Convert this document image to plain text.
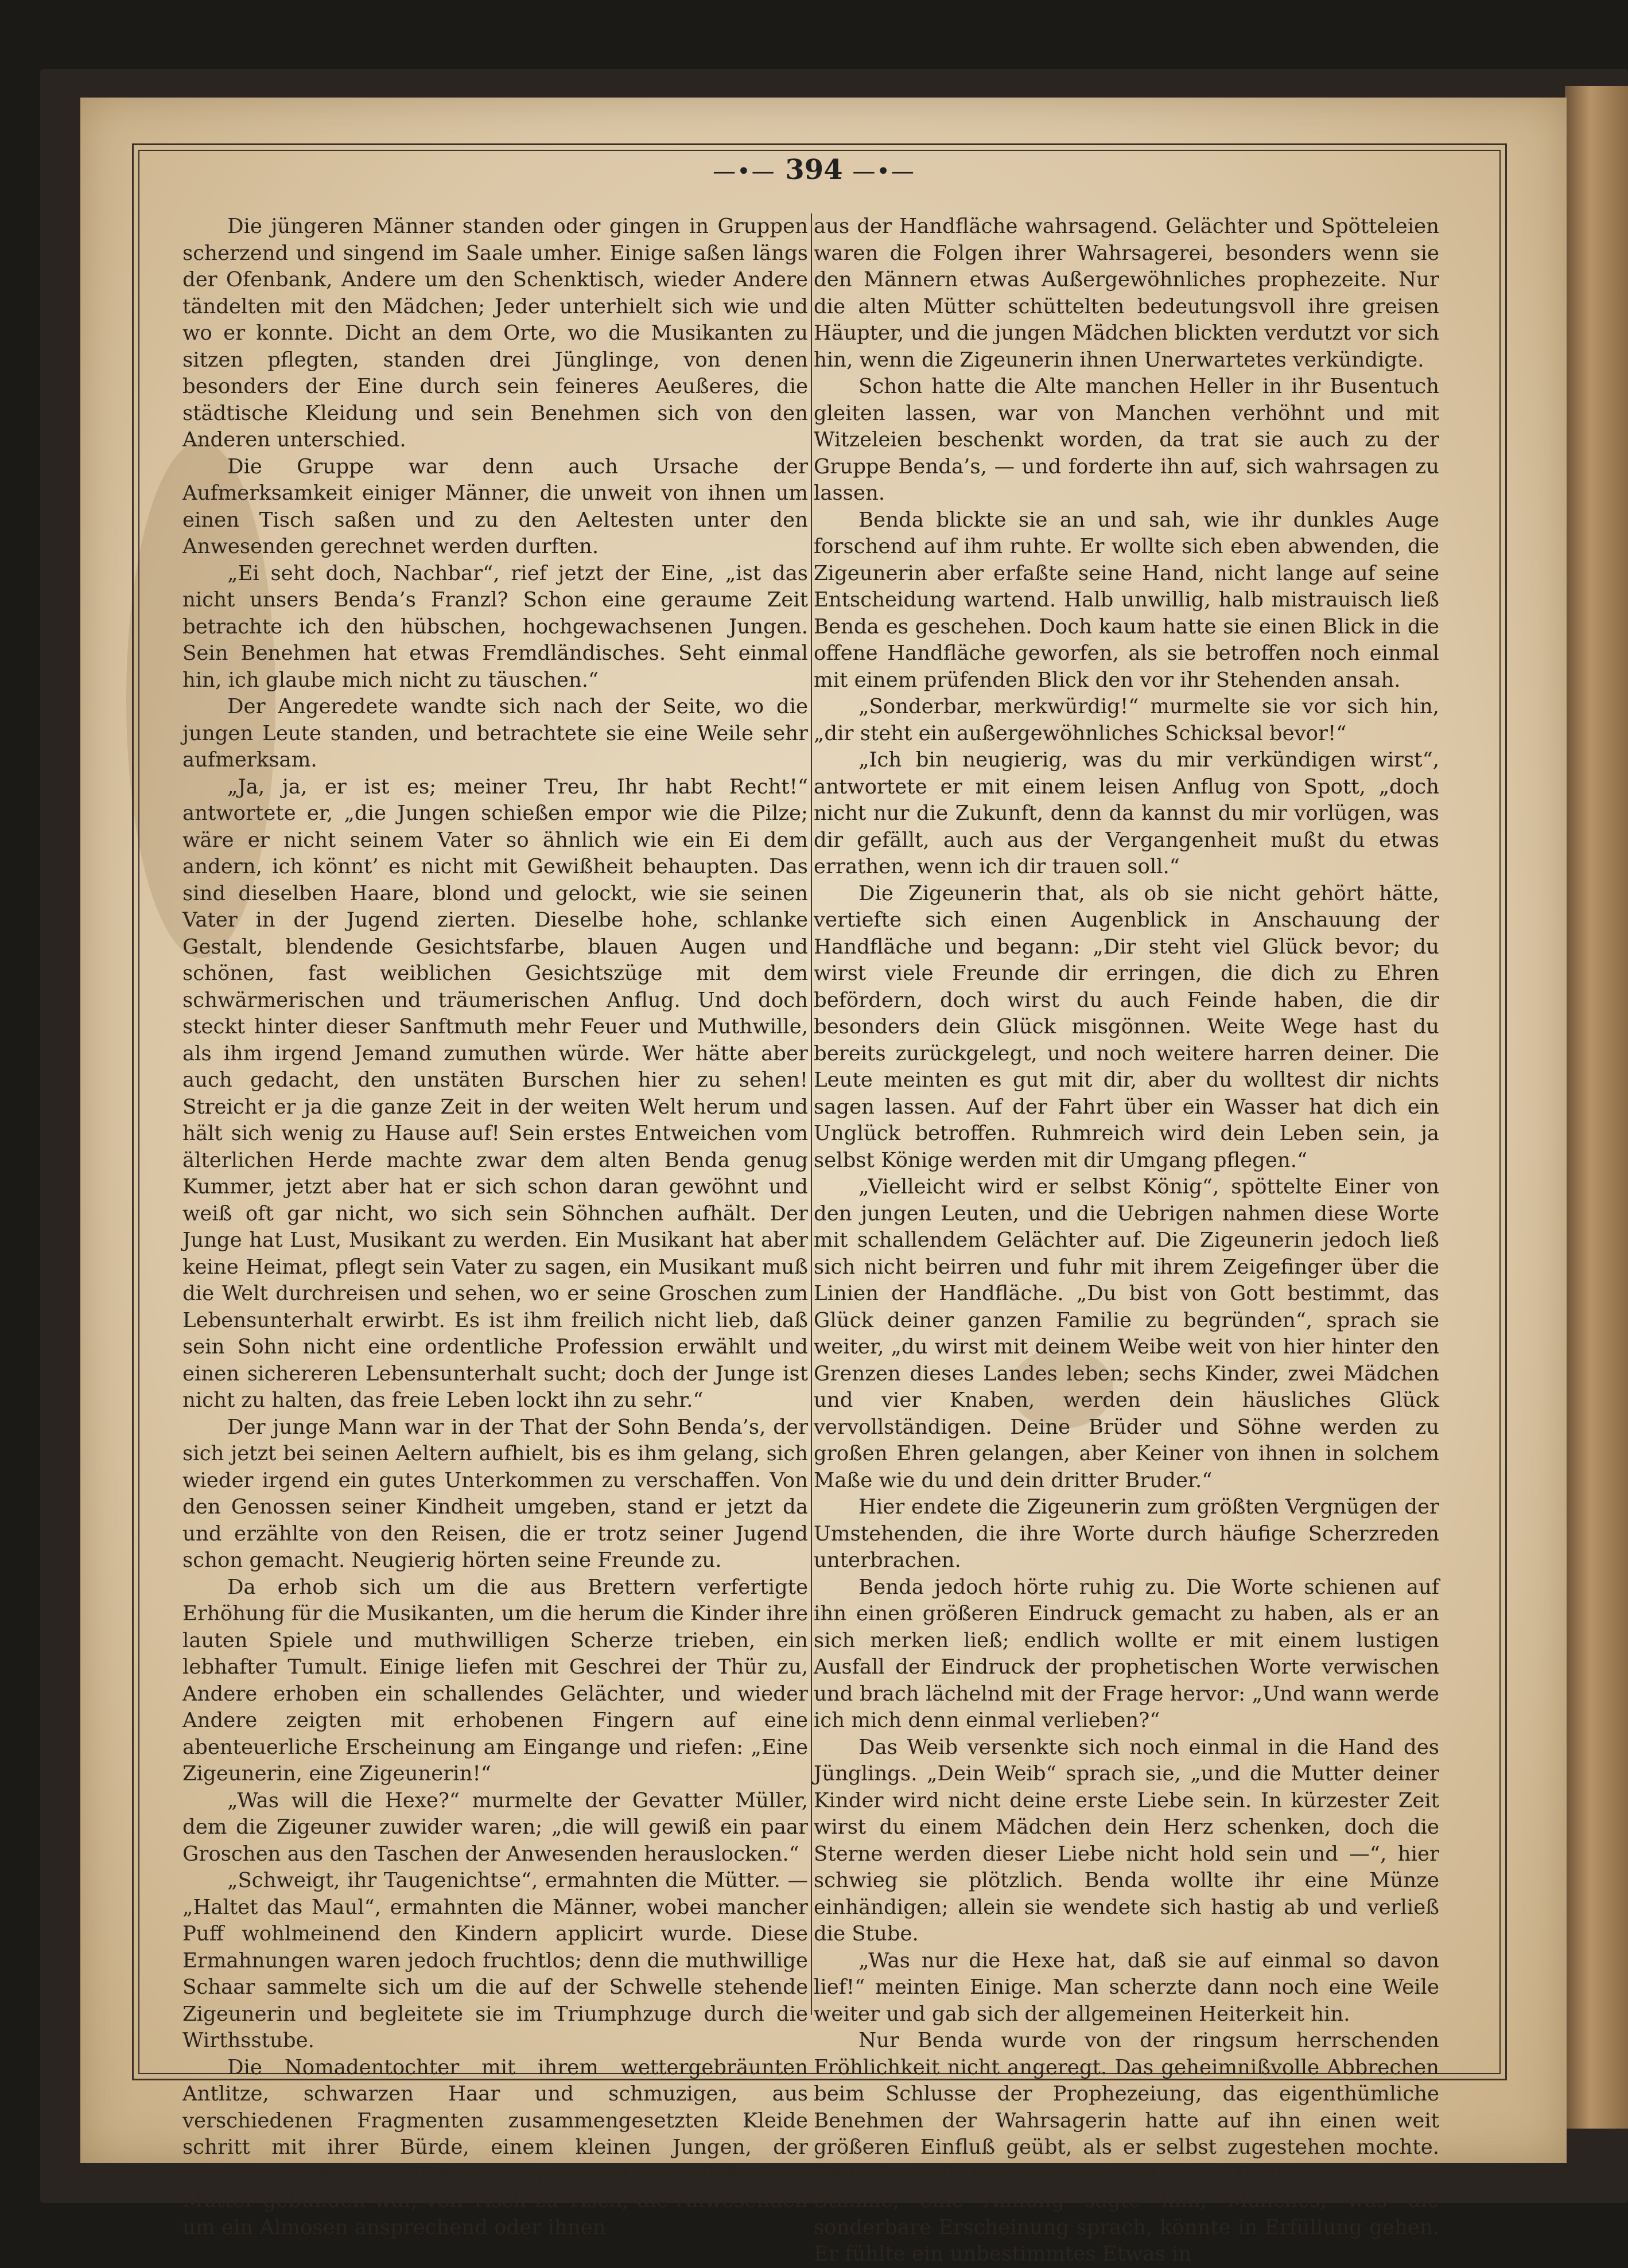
—•— 394 —•—

Die jüngeren Männer standen oder gingen in Gruppen scherzend und singend im Saale umher. Einige saßen längs der Ofenbank, Andere um den Schenktisch, wieder Andere tändelten mit den Mädchen; Jeder unterhielt sich wie und wo er konnte. Dicht an dem Orte, wo die Musikanten zu sitzen pflegten, standen drei Jünglinge, von denen besonders der Eine durch sein feineres Aeußeres, die städtische Kleidung und sein Benehmen sich von den Anderen unterschied.

Die Gruppe war denn auch Ursache der Aufmerksamkeit einiger Männer, die unweit von ihnen um einen Tisch saßen und zu den Aeltesten unter den Anwesenden gerechnet werden durften.

„Ei seht doch, Nachbar“, rief jetzt der Eine, „ist das nicht unsers Benda’s Franzl? Schon eine geraume Zeit betrachte ich den hübschen, hochgewachsenen Jungen. Sein Benehmen hat etwas Fremdländisches. Seht einmal hin, ich glaube mich nicht zu täuschen.“

Der Angeredete wandte sich nach der Seite, wo die jungen Leute standen, und betrachtete sie eine Weile sehr aufmerksam.

„Ja, ja, er ist es; meiner Treu, Ihr habt Recht!“ antwortete er, „die Jungen schießen empor wie die Pilze; wäre er nicht seinem Vater so ähnlich wie ein Ei dem andern, ich könnt’ es nicht mit Gewißheit behaupten. Das sind dieselben Haare, blond und gelockt, wie sie seinen Vater in der Jugend zierten. Dieselbe hohe, schlanke Gestalt, blendende Gesichtsfarbe, blauen Augen und schönen, fast weiblichen Gesichtszüge mit dem schwärmerischen und träumerischen Anflug. Und doch steckt hinter dieser Sanftmuth mehr Feuer und Muthwille, als ihm irgend Jemand zumuthen würde. Wer hätte aber auch gedacht, den unstäten Burschen hier zu sehen! Streicht er ja die ganze Zeit in der weiten Welt herum und hält sich wenig zu Hause auf! Sein erstes Entweichen vom älterlichen Herde machte zwar dem alten Benda genug Kummer, jetzt aber hat er sich schon daran gewöhnt und weiß oft gar nicht, wo sich sein Söhnchen aufhält. Der Junge hat Lust, Musikant zu werden. Ein Musikant hat aber keine Heimat, pflegt sein Vater zu sagen, ein Musikant muß die Welt durchreisen und sehen, wo er seine Groschen zum Lebensunterhalt erwirbt. Es ist ihm freilich nicht lieb, daß sein Sohn nicht eine ordentliche Profession erwählt und einen sichereren Lebensunterhalt sucht; doch der Junge ist nicht zu halten, das freie Leben lockt ihn zu sehr.“

Der junge Mann war in der That der Sohn Benda’s, der sich jetzt bei seinen Aeltern aufhielt, bis es ihm gelang, sich wieder irgend ein gutes Unterkommen zu verschaffen. Von den Genossen seiner Kindheit umgeben, stand er jetzt da und erzählte von den Reisen, die er trotz seiner Jugend schon gemacht. Neugierig hörten seine Freunde zu.

Da erhob sich um die aus Brettern verfertigte Erhöhung für die Musikanten, um die herum die Kinder ihre lauten Spiele und muthwilligen Scherze trieben, ein lebhafter Tumult. Einige liefen mit Geschrei der Thür zu, Andere erhoben ein schallendes Gelächter, und wieder Andere zeigten mit erhobenen Fingern auf eine abenteuerliche Erscheinung am Eingange und riefen: „Eine Zigeunerin, eine Zigeunerin!“

„Was will die Hexe?“ murmelte der Gevatter Müller, dem die Zigeuner zuwider waren; „die will gewiß ein paar Groschen aus den Taschen der Anwesenden herauslocken.“

„Schweigt, ihr Taugenichtse“, ermahnten die Mütter. — „Haltet das Maul“, ermahnten die Männer, wobei mancher Puff wohlmeinend den Kindern applicirt wurde. Diese Ermahnungen waren jedoch fruchtlos; denn die muthwillige Schaar sammelte sich um die auf der Schwelle stehende Zigeunerin und begleitete sie im Triumphzuge durch die Wirthsstube.

Die Nomadentochter mit ihrem wettergebräunten Antlitze, schwarzen Haar und schmuzigen, aus verschiedenen Fragmenten zusammengesetzten Kleide schritt mit ihrer Bürde, einem kleinen Jungen, der zusammengekauert mit einem Lappen auf den Rücken der Mutter gebunden war, von Tisch zu Tisch, die Anwesenden um ein Almosen ansprechend oder ihnen

aus der Handfläche wahrsagend. Gelächter und Spötteleien waren die Folgen ihrer Wahrsagerei, besonders wenn sie den Männern etwas Außergewöhnliches prophezeite. Nur die alten Mütter schüttelten bedeutungsvoll ihre greisen Häupter, und die jungen Mädchen blickten verdutzt vor sich hin, wenn die Zigeunerin ihnen Unerwartetes verkündigte.

Schon hatte die Alte manchen Heller in ihr Busentuch gleiten lassen, war von Manchen verhöhnt und mit Witzeleien beschenkt worden, da trat sie auch zu der Gruppe Benda’s, — und forderte ihn auf, sich wahrsagen zu lassen.

Benda blickte sie an und sah, wie ihr dunkles Auge forschend auf ihm ruhte. Er wollte sich eben abwenden, die Zigeunerin aber erfaßte seine Hand, nicht lange auf seine Entscheidung wartend. Halb unwillig, halb mistrauisch ließ Benda es geschehen. Doch kaum hatte sie einen Blick in die offene Handfläche geworfen, als sie betroffen noch einmal mit einem prüfenden Blick den vor ihr Stehenden ansah.

„Sonderbar, merkwürdig!“ murmelte sie vor sich hin, „dir steht ein außergewöhnliches Schicksal bevor!“

„Ich bin neugierig, was du mir verkündigen wirst“, antwortete er mit einem leisen Anflug von Spott, „doch nicht nur die Zukunft, denn da kannst du mir vorlügen, was dir gefällt, auch aus der Vergangenheit mußt du etwas errathen, wenn ich dir trauen soll.“

Die Zigeunerin that, als ob sie nicht gehört hätte, vertiefte sich einen Augenblick in Anschauung der Handfläche und begann: „Dir steht viel Glück bevor; du wirst viele Freunde dir erringen, die dich zu Ehren befördern, doch wirst du auch Feinde haben, die dir besonders dein Glück misgönnen. Weite Wege hast du bereits zurückgelegt, und noch weitere harren deiner. Die Leute meinten es gut mit dir, aber du wolltest dir nichts sagen lassen. Auf der Fahrt über ein Wasser hat dich ein Unglück betroffen. Ruhmreich wird dein Leben sein, ja selbst Könige werden mit dir Umgang pflegen.“

„Vielleicht wird er selbst König“, spöttelte Einer von den jungen Leuten, und die Uebrigen nahmen diese Worte mit schallendem Gelächter auf. Die Zigeunerin jedoch ließ sich nicht beirren und fuhr mit ihrem Zeigefinger über die Linien der Handfläche. „Du bist von Gott bestimmt, das Glück deiner ganzen Familie zu begründen“, sprach sie weiter, „du wirst mit deinem Weibe weit von hier hinter den Grenzen dieses Landes leben; sechs Kinder, zwei Mädchen und vier Knaben, werden dein häusliches Glück vervollständigen. Deine Brüder und Söhne werden zu großen Ehren gelangen, aber Keiner von ihnen in solchem Maße wie du und dein dritter Bruder.“

Hier endete die Zigeunerin zum größten Vergnügen der Umstehenden, die ihre Worte durch häufige Scherzreden unterbrachen.

Benda jedoch hörte ruhig zu. Die Worte schienen auf ihn einen größeren Eindruck gemacht zu haben, als er an sich merken ließ; endlich wollte er mit einem lustigen Ausfall der Eindruck der prophetischen Worte verwischen und brach lächelnd mit der Frage hervor: „Und wann werde ich mich denn einmal verlieben?“

Das Weib versenkte sich noch einmal in die Hand des Jünglings. „Dein Weib“ sprach sie, „und die Mutter deiner Kinder wird nicht deine erste Liebe sein. In kürzester Zeit wirst du einem Mädchen dein Herz schenken, doch die Sterne werden dieser Liebe nicht hold sein und —“, hier schwieg sie plötzlich. Benda wollte ihr eine Münze einhändigen; allein sie wendete sich hastig ab und verließ die Stube.

„Was nur die Hexe hat, daß sie auf einmal so davon lief!“ meinten Einige. Man scherzte dann noch eine Weile weiter und gab sich der allgemeinen Heiterkeit hin.

Nur Benda wurde von der ringsum herrschenden Fröhlichkeit nicht angeregt. Das geheimnißvolle Abbrechen beim Schlusse der Prophezeiung, das eigenthümliche Benehmen der Wahrsagerin hatte auf ihn einen weit größeren Einfluß geübt, als er selbst zugestehen mochte. Gedankenvoll ließ er sich auf eine Bank nieder; eine Stimme, eine Ahnung sagte ihm, Manches, was die sonderbare Erscheinung sprach, könnte in Erfüllung gehen. Er fühlte ein unbestimmtes Etwas in
